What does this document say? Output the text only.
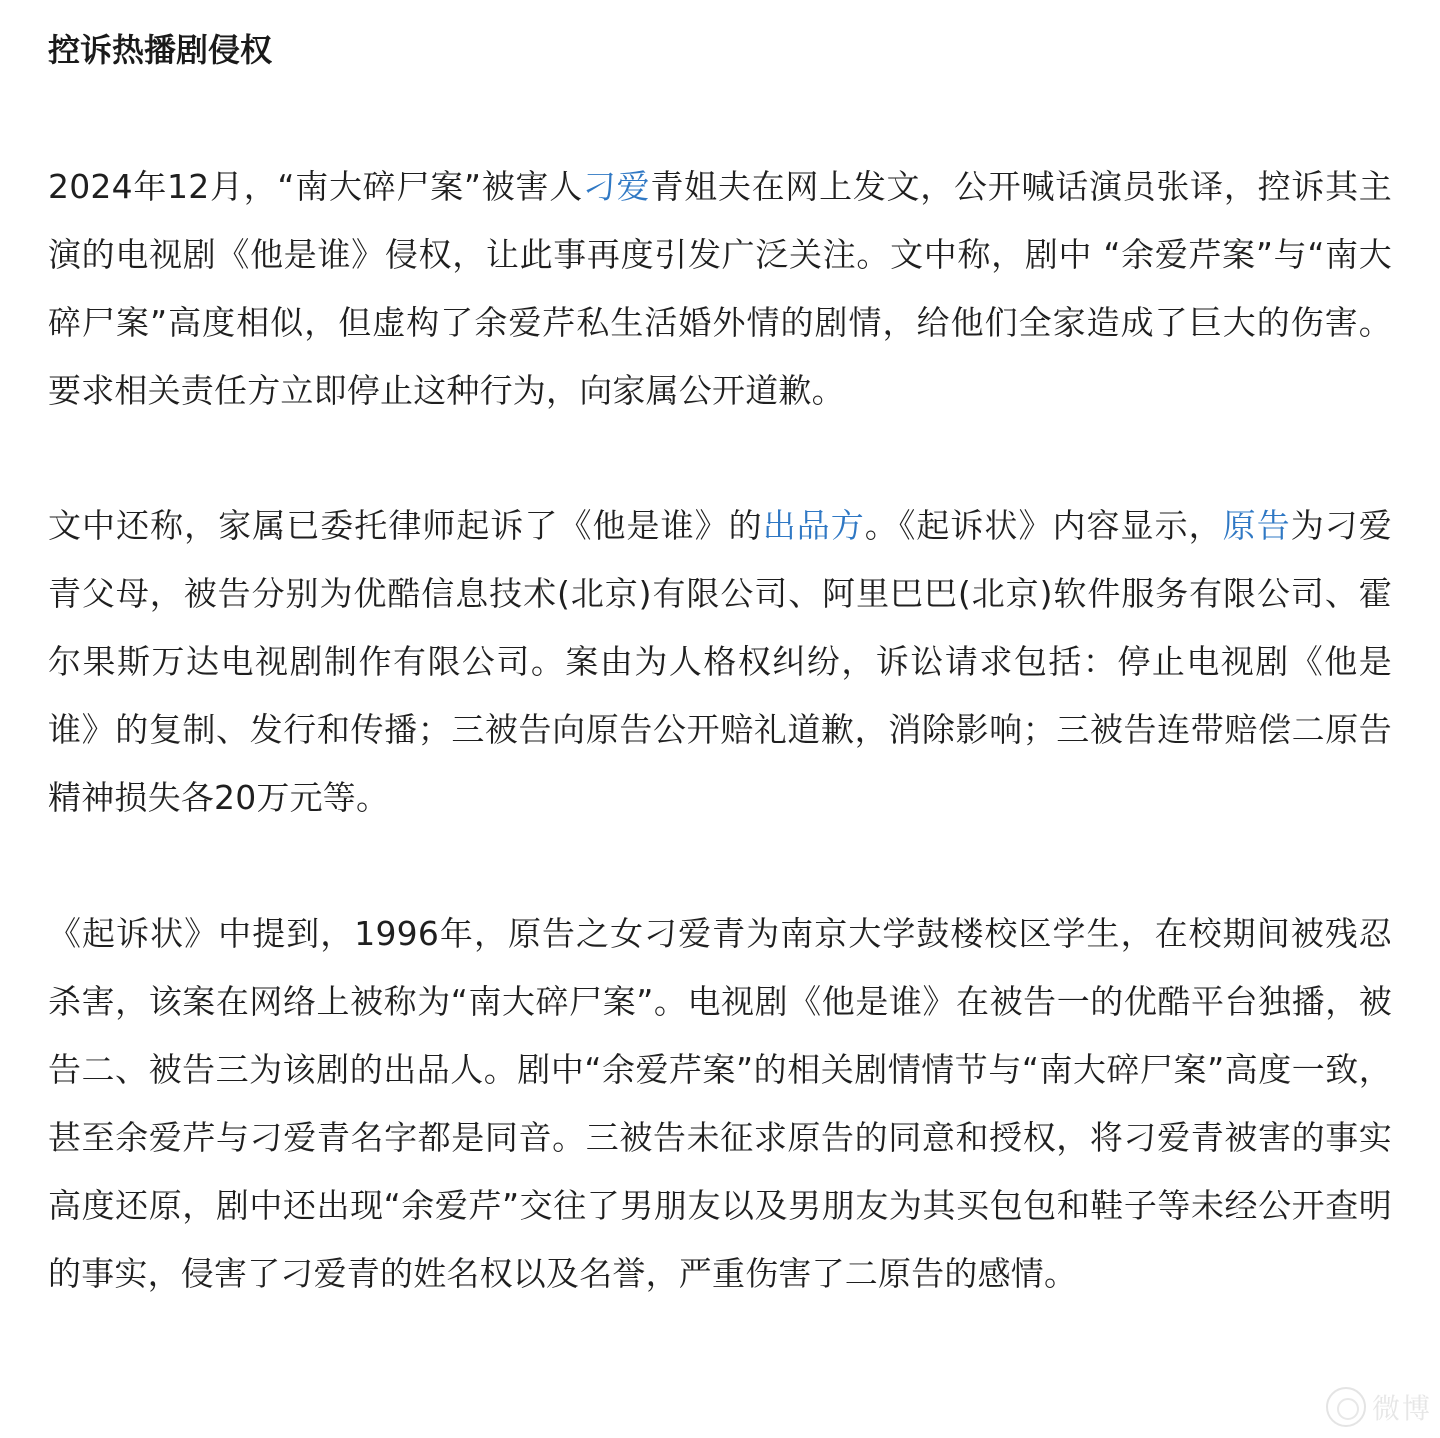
控诉热播剧侵权

2024年12月，“南大碎尸案”被害人刁爱青姐夫在网上发文，公开喊话演员张译，控诉其主演的电视剧《他是谁》侵权，让此事再度引发广泛关注。文中称，剧中 “余爱芹案”与“南大碎尸案”高度相似，但虚构了余爱芹私生活婚外情的剧情，给他们全家造成了巨大的伤害。要求相关责任方立即停止这种行为，向家属公开道歉。

文中还称，家属已委托律师起诉了《他是谁》的出品方。《起诉状》内容显示，原告为刁爱青父母，被告分别为优酷信息技术(北京)有限公司、阿里巴巴(北京)软件服务有限公司、霍尔果斯万达电视剧制作有限公司。案由为人格权纠纷，诉讼请求包括：停止电视剧《他是谁》的复制、发行和传播；三被告向原告公开赔礼道歉，消除影响；三被告连带赔偿二原告精神损失各20万元等。

《起诉状》中提到，1996年，原告之女刁爱青为南京大学鼓楼校区学生，在校期间被残忍杀害，该案在网络上被称为“南大碎尸案”。电视剧《他是谁》在被告一的优酷平台独播，被告二、被告三为该剧的出品人。剧中“余爱芹案”的相关剧情情节与“南大碎尸案”高度一致，甚至余爱芹与刁爱青名字都是同音。三被告未征求原告的同意和授权，将刁爱青被害的事实高度还原，剧中还出现“余爱芹”交往了男朋友以及男朋友为其买包包和鞋子等未经公开查明的事实，侵害了刁爱青的姓名权以及名誉，严重伤害了二原告的感情。

微博
